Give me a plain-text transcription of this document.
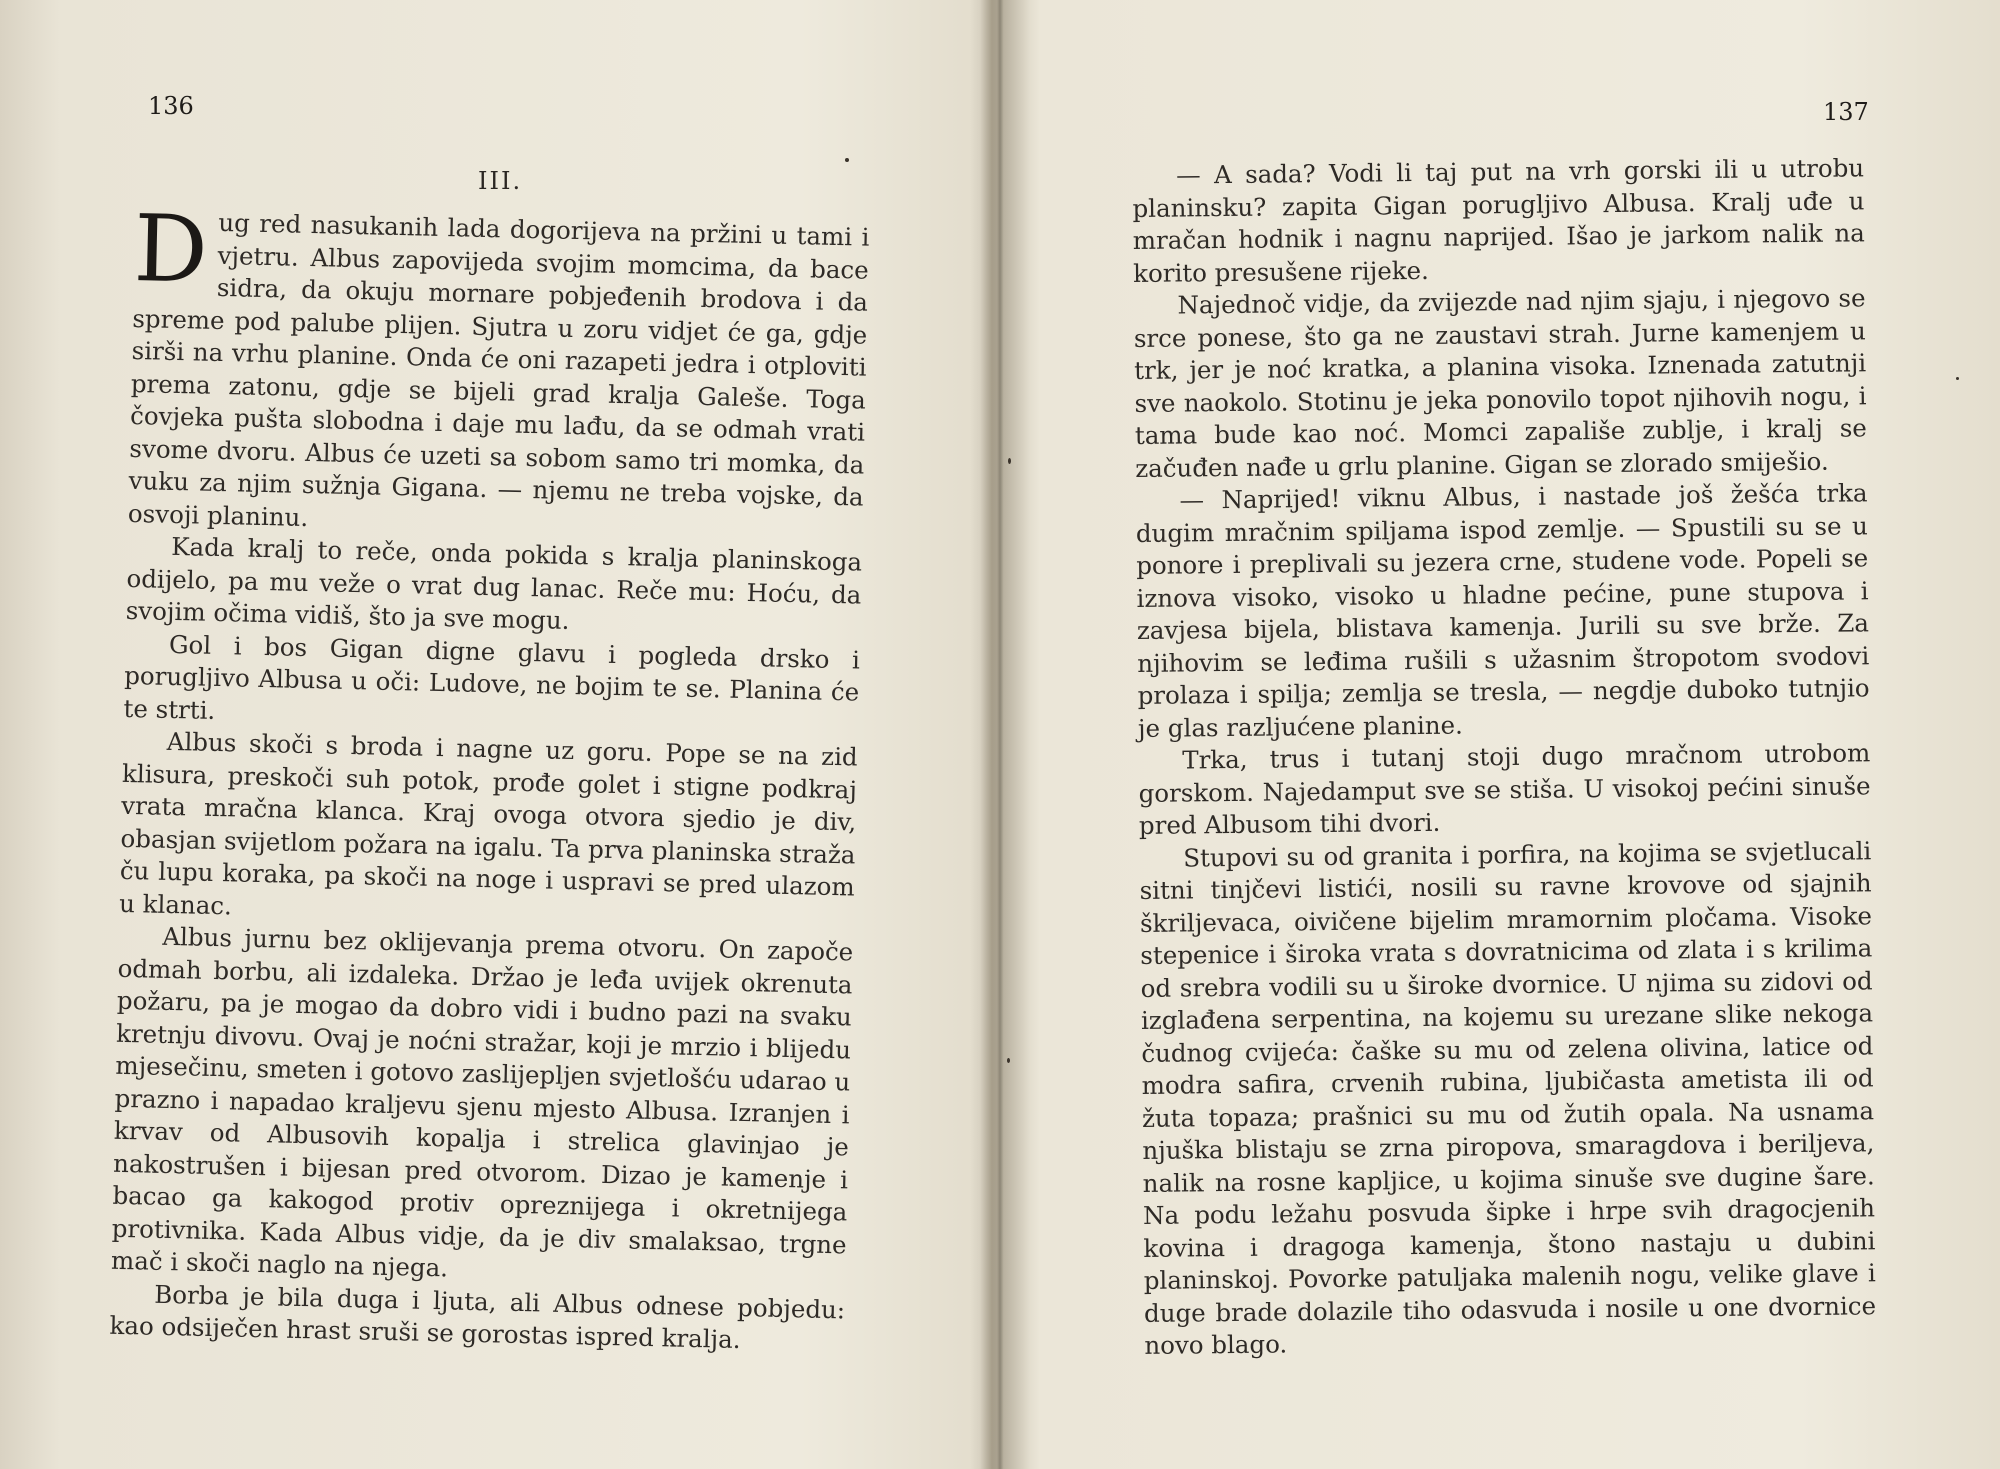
136
III.

Dug red nasukanih lada dogorijeva na pržini u tami i vjetru. Albus zapovijeda svojim momcima, da bace sidra, da okuju mornare pobjeđenih brodova i da spreme pod palube plijen. Sjutra u zoru vidjet će ga, gdje sirši na vrhu planine. Onda će oni razapeti jedra i otploviti prema zatonu, gdje se bijeli grad kralja Galeše. Toga čovjeka pušta slobodna i daje mu lađu, da se odmah vrati svome dvoru. Albus će uzeti sa sobom samo tri momka, da vuku za njim sužnja Gigana. — njemu ne treba vojske, da osvoji planinu.

Kada kralj to reče, onda pokida s kralja planinskoga odijelo, pa mu veže o vrat dug lanac. Reče mu: Hoću, da svojim očima vidiš, što ja sve mogu.

Gol i bos Gigan digne glavu i pogleda drsko i porugljivo Albusa u oči: Ludove, ne bojim te se. Planina će te strti.

Albus skoči s broda i nagne uz goru. Pope se na zid klisura, preskoči suh potok, prođe golet i stigne podkraj vrata mračna klanca. Kraj ovoga otvora sjedio je div, obasjan svijetlom požara na igalu. Ta prva planinska straža ču lupu koraka, pa skoči na noge i uspravi se pred ulazom u klanac.

Albus jurnu bez oklijevanja prema otvoru. On započe odmah borbu, ali izdaleka. Držao je leđa uvijek okrenuta požaru, pa je mogao da dobro vidi i budno pazi na svaku kretnju divovu. Ovaj je noćni stražar, koji je mrzio i blijedu mjesečinu, smeten i gotovo zaslijepljen svjetlošću udarao u prazno i napadao kraljevu sjenu mjesto Albusa. Izranjen i krvav od Albusovih kopalja i strelica glavinjao je nakostrušen i bijesan pred otvorom. Dizao je kamenje i bacao ga kakogod protiv opreznijega i okretnijega protivnika. Kada Albus vidje, da je div smalaksao, trgne mač i skoči naglo na njega.

Borba je bila duga i ljuta, ali Albus odnese pobjedu: kao odsiječen hrast sruši se gorostas ispred kralja.

137

— A sada? Vodi li taj put na vrh gorski ili u utrobu planinsku? zapita Gigan porugljivo Albusa. Kralj uđe u mračan hodnik i nagnu naprijed. Išao je jarkom nalik na korito presušene rijeke.

Najednoč vidje, da zvijezde nad njim sjaju, i njegovo se srce ponese, što ga ne zaustavi strah. Jurne kamenjem u trk, jer je noć kratka, a planina visoka. Iznenada zatutnji sve naokolo. Stotinu je jeka ponovilo topot njihovih nogu, i tama bude kao noć. Momci zapališe zublje, i kralj se začuđen nađe u grlu planine. Gigan se zlorado smiješio.

— Naprijed! viknu Albus, i nastade još žešća trka dugim mračnim spiljama ispod zemlje. — Spustili su se u ponore i preplivali su jezera crne, studene vode. Popeli se iznova visoko, visoko u hladne pećine, pune stupova i zavjesa bijela, blistava kamenja. Jurili su sve brže. Za njihovim se leđima rušili s užasnim štropotom svodovi prolaza i spilja; zemlja se tresla, — negdje duboko tutnjio je glas razljućene planine.

Trka, trus i tutanj stoji dugo mračnom utrobom gorskom. Najedamput sve se stiša. U visokoj pećini sinuše pred Albusom tihi dvori.

Stupovi su od granita i porfira, na kojima se svjetlucali sitni tinjčevi listići, nosili su ravne krovove od sjajnih škriljevaca, oivičene bijelim mramornim pločama. Visoke stepenice i široka vrata s dovratnicima od zlata i s krilima od srebra vodili su u široke dvornice. U njima su zidovi od izglađena serpentina, na kojemu su urezane slike nekoga čudnog cvijeća: čaške su mu od zelena olivina, latice od modra safira, crvenih rubina, ljubičasta ametista ili od žuta topaza; prašnici su mu od žutih opala. Na usnama njuška blistaju se zrna piropova, smaragdova i beriljeva, nalik na rosne kapljice, u kojima sinuše sve dugine šare. Na podu ležahu posvuda šipke i hrpe svih dragocjenih kovina i dragoga kamenja, štono nastaju u dubini planinskoj. Povorke patuljaka malenih nogu, velike glave i duge brade dolazile tiho odasvuda i nosile u one dvornice novo blago.
